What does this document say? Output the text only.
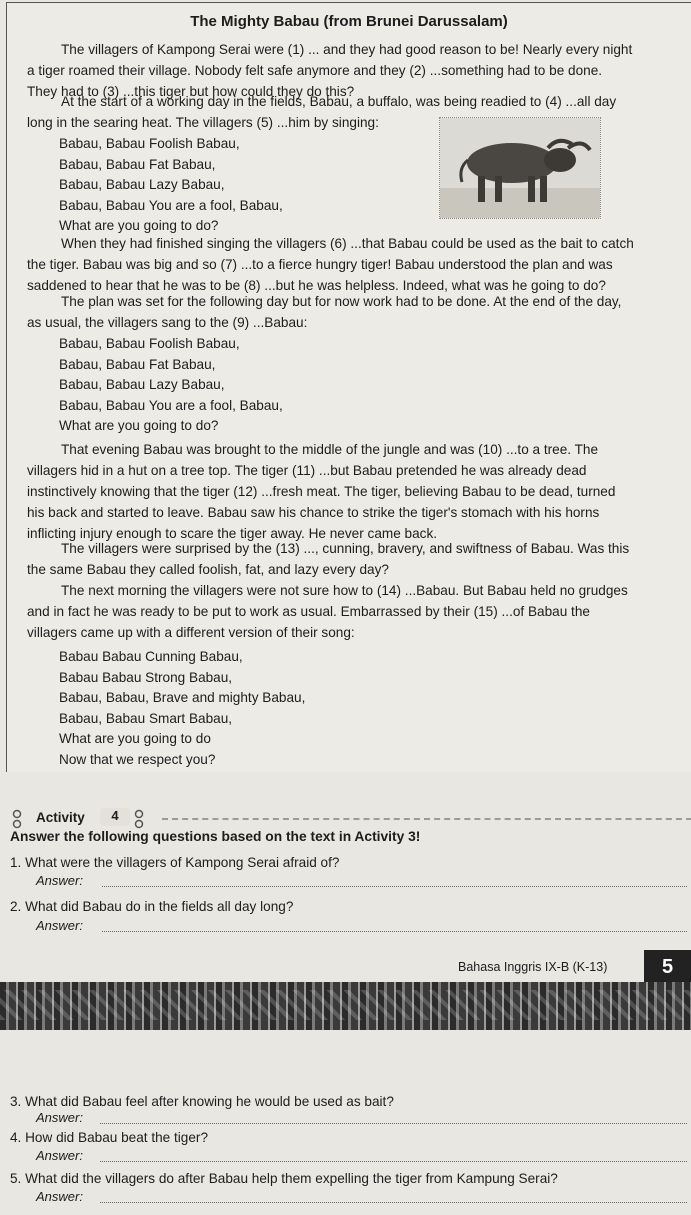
The Mighty Babau (from Brunei Darussalam)
The villagers of Kampong Serai were (1) ... and they had good reason to be! Nearly every night
a tiger roamed their village. Nobody felt safe anymore and they (2) ...something had to be done.
They had to (3) ...this tiger but how could they do this?
At the start of a working day in the fields, Babau, a buffalo, was being readied to (4) ...all day
long in the searing heat. The villagers (5) ...him by singing:
Babau, Babau Foolish Babau,
Babau, Babau Fat Babau,
Babau, Babau Lazy Babau,
Babau, Babau You are a fool, Babau,
What are you going to do?
When they had finished singing the villagers (6) ...that Babau could be used as the bait to catch
the tiger. Babau was big and so (7) ...to a fierce hungry tiger! Babau understood the plan and was
saddened to hear that he was to be (8) ...but he was helpless. Indeed, what was he going to do?
The plan was set for the following day but for now work had to be done. At the end of the day,
as usual, the villagers sang to the (9) ...Babau:
Babau, Babau Foolish Babau,
Babau, Babau Fat Babau,
Babau, Babau Lazy Babau,
Babau, Babau You are a fool, Babau,
What are you going to do?
That evening Babau was brought to the middle of the jungle and was (10) ...to a tree. The
villagers hid in a hut on a tree top. The tiger (11) ...but Babau pretended he was already dead
instinctively knowing that the tiger (12) ...fresh meat. The tiger, believing Babau to be dead, turned
his back and started to leave. Babau saw his chance to strike the tiger's stomach with his horns
inflicting injury enough to scare the tiger away. He never came back.
The villagers were surprised by the (13) ..., cunning, bravery, and swiftness of Babau. Was this
the same Babau they called foolish, fat, and lazy every day?
The next morning the villagers were not sure how to (14) ...Babau. But Babau held no grudges
and in fact he was ready to be put to work as usual. Embarrassed by their (15) ...of Babau the
villagers came up with a different version of their song:
Babau Babau Cunning Babau,
Babau Babau Strong Babau,
Babau, Babau, Brave and mighty Babau,
Babau, Babau Smart Babau,
What are you going to do
Now that we respect you?
Activity	4
Answer the following questions based on the text in Activity 3!
1. What were the villagers of Kampong Serai afraid of?
Answer:
2. What did Babau do in the fields all day long?
Answer:
Bahasa Inggris IX-B (K-13)	5
3. What did Babau feel after knowing he would be used as bait?
Answer:
4. How did Babau beat the tiger?
Answer:
5. What did the villagers do after Babau help them expelling the tiger from Kampung Serai?
Answer:
